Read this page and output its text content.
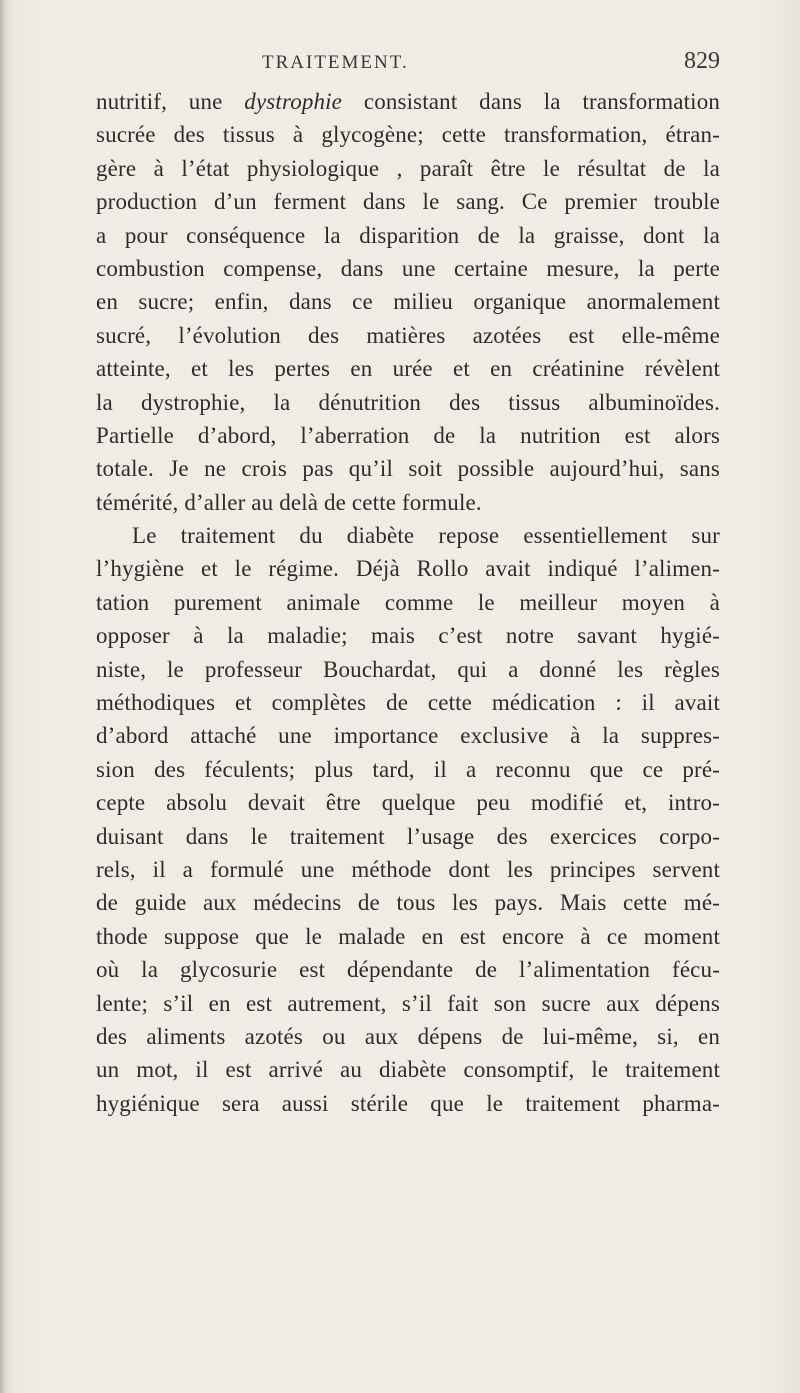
TRAITEMENT.	829
nutritif, une dystrophie consistant dans la transformation
sucrée des tissus à glycogène; cette transformation, étran-
gère à l’état physiologique , paraît être le résultat de la
production d’un ferment dans le sang. Ce premier trouble
a pour conséquence la disparition de la graisse, dont la
combustion compense, dans une certaine mesure, la perte
en sucre; enfin, dans ce milieu organique anormalement
sucré, l’évolution des matières azotées est elle-même
atteinte, et les pertes en urée et en créatinine révèlent
la dystrophie, la dénutrition des tissus albuminoïdes.
Partielle d’abord, l’aberration de la nutrition est alors
totale. Je ne crois pas qu’il soit possible aujourd’hui, sans
témérité, d’aller au delà de cette formule.
Le traitement du diabète repose essentiellement sur
l’hygiène et le régime. Déjà Rollo avait indiqué l’alimen-
tation purement animale comme le meilleur moyen à
opposer à la maladie; mais c’est notre savant hygié-
niste, le professeur Bouchardat, qui a donné les règles
méthodiques et complètes de cette médication : il avait
d’abord attaché une importance exclusive à la suppres-
sion des féculents; plus tard, il a reconnu que ce pré-
cepte absolu devait être quelque peu modifié et, intro-
duisant dans le traitement l’usage des exercices corpo-
rels, il a formulé une méthode dont les principes servent
de guide aux médecins de tous les pays. Mais cette mé-
thode suppose que le malade en est encore à ce moment
où la glycosurie est dépendante de l’alimentation fécu-
lente; s’il en est autrement, s’il fait son sucre aux dépens
des aliments azotés ou aux dépens de lui-même, si, en
un mot, il est arrivé au diabète consomptif, le traitement
hygiénique sera aussi stérile que le traitement pharma-
